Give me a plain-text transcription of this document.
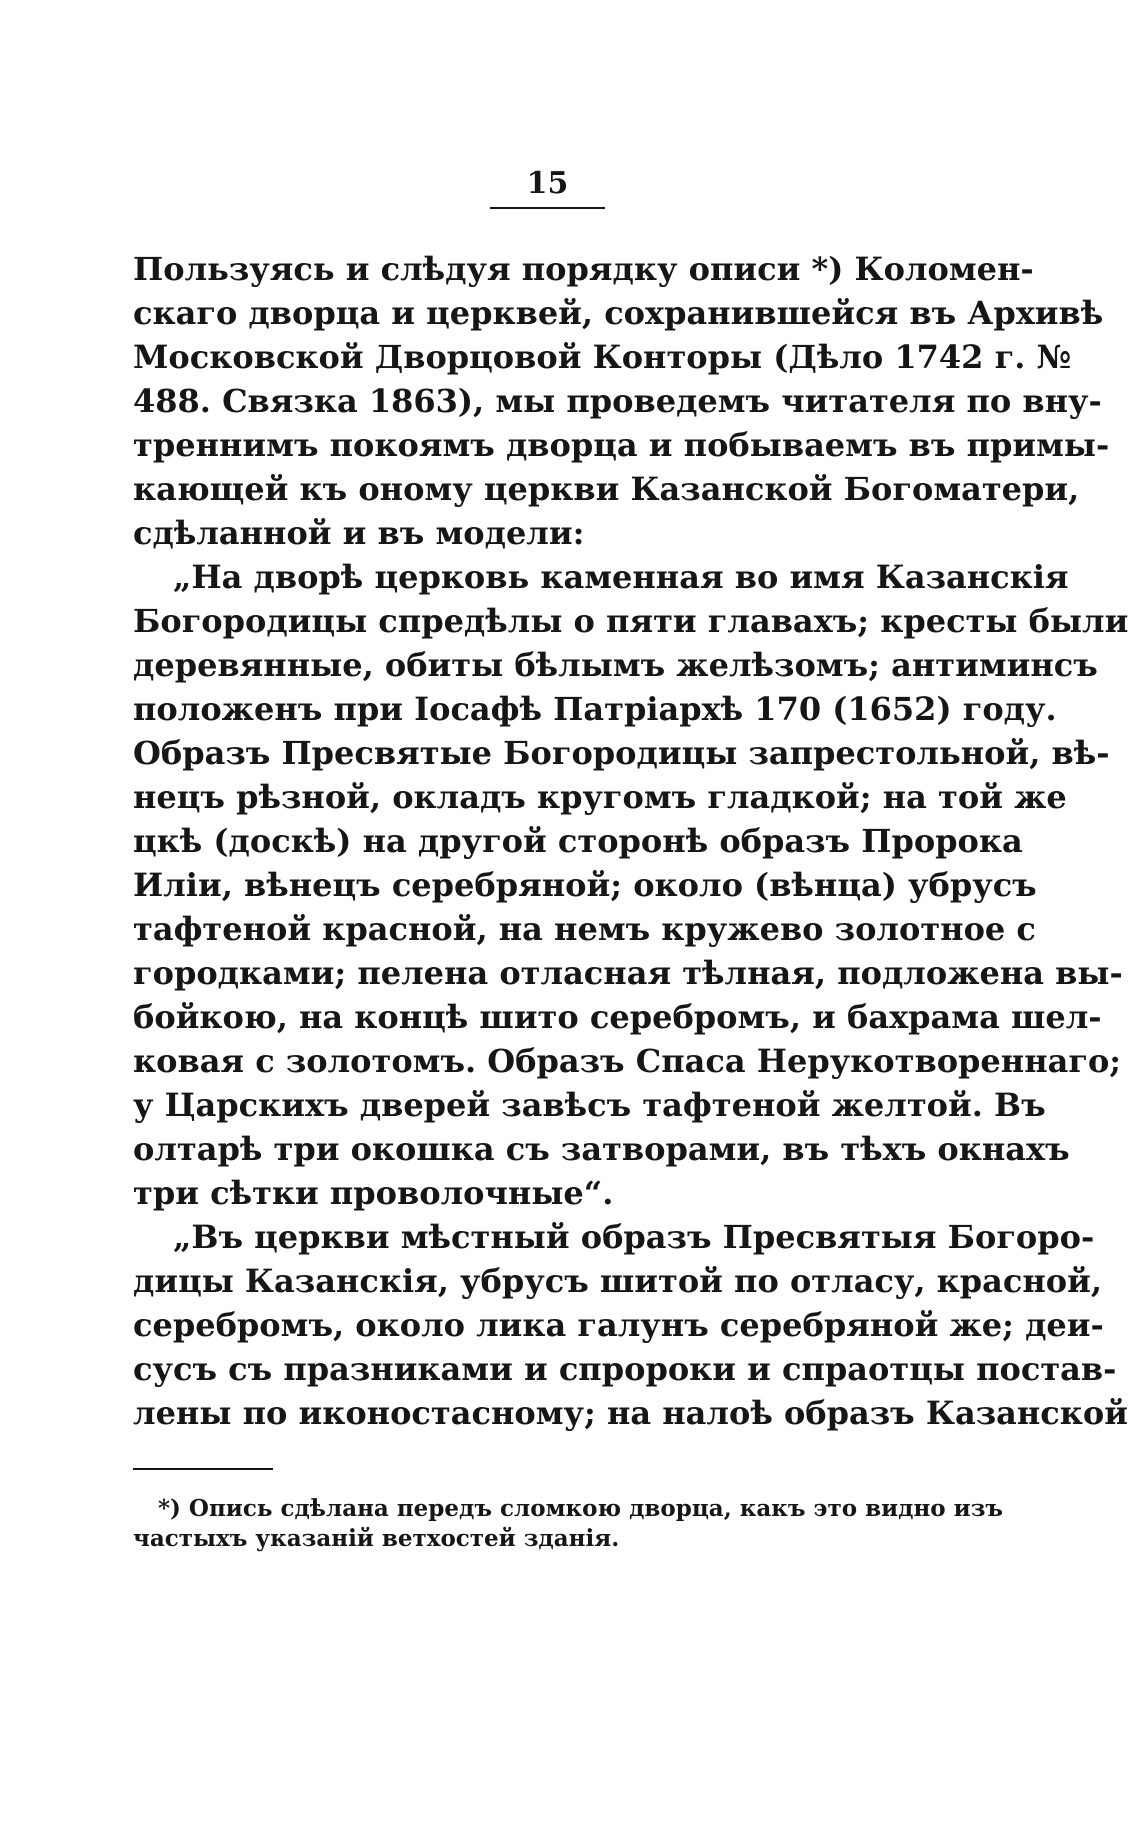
15
Пользуясь и слѣдуя порядку описи *) Коломен-
скаго дворца и церквей, сохранившейся въ Архивѣ
Московской Дворцовой Конторы (Дѣло 1742 г. №
488. Связка 1863), мы проведемъ читателя по вну-
треннимъ покоямъ дворца и побываемъ въ примы-
кающей къ оному церкви Казанской Богоматери,
сдѣланной и въ модели:
„На дворѣ церковь каменная во имя Казанскія
Богородицы спредѣлы о пяти главахъ; кресты были
деревянные, обиты бѣлымъ желѣзомъ; антиминсъ
положенъ при Іосафѣ Патріархѣ 170 (1652) году.
Образъ Пресвятые Богородицы запрестольной, вѣ-
нецъ рѣзной, окладъ кругомъ гладкой; на той же
цкѣ (доскѣ) на другой сторонѣ образъ Пророка
Иліи, вѣнецъ серебряной; около (вѣнца) убрусъ
тафтеной красной, на немъ кружево золотное с
городками; пелена отласная тѣлная, подложена вы-
бойкою, на концѣ шито серебромъ, и бахрама шел-
ковая с золотомъ. Образъ Спаса Нерукотвореннаго;
у Царскихъ дверей завѣсъ тафтеной желтой. Въ
олтарѣ три окошка съ затворами, въ тѣхъ окнахъ
три сѣтки проволочные“.
„Въ церкви мѣстный образъ Пресвятыя Богоро-
дицы Казанскія, убрусъ шитой по отласу, красной,
серебромъ, около лика галунъ серебряной же; деи-
сусъ съ празниками и спророки и спраотцы постав-
лены по иконостасному; на налоѣ образъ Казанской
*) Опись сдѣлана передъ сломкою дворца, какъ это видно изъ
частыхъ указаній ветхостей зданія.
